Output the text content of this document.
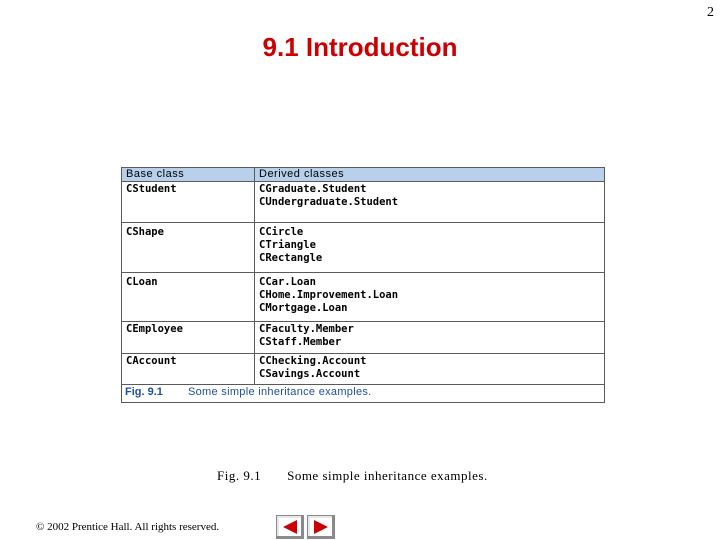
2
9.1 Introduction
Base class	Derived classes
CStudent	CGraduate.Student
CUndergraduate.Student

CShape	CCircle
CTriangle
CRectangle

CLoan	CCar.Loan
CHome.Improvement.Loan
CMortgage.Loan

CEmployee	CFaculty.Member
CStaff.Member

CAccount	CChecking.Account
CSavings.Account
Fig. 9.1 Some simple inheritance examples.
Fig. 9.1 Some simple inheritance examples.
© 2002 Prentice Hall. All rights reserved.
